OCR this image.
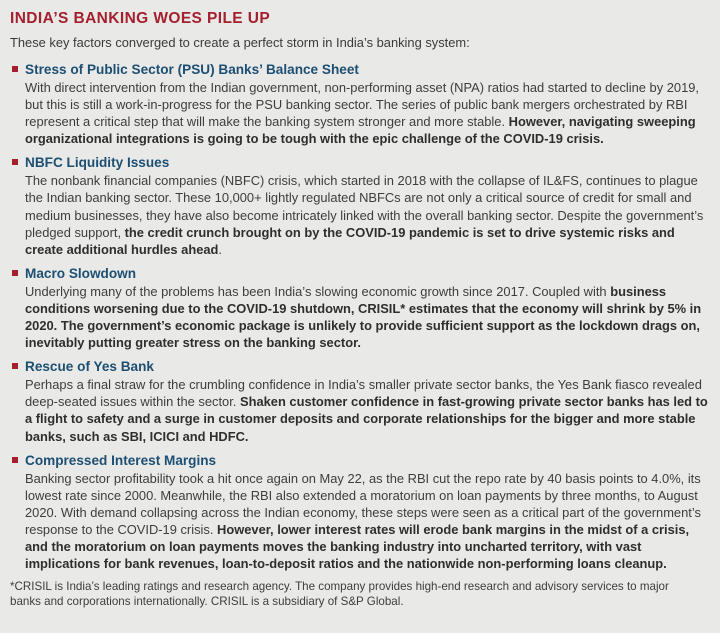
INDIA’S BANKING WOES PILE UP
These key factors converged to create a perfect storm in India’s banking system:
Stress of Public Sector (PSU) Banks’ Balance Sheet
With direct intervention from the Indian government, non-performing asset (NPA) ratios had started to decline by 2019, but this is still a work-in-progress for the PSU banking sector. The series of public bank mergers orchestrated by RBI represent a critical step that will make the banking system stronger and more stable. However, navigating sweeping organizational integrations is going to be tough with the epic challenge of the COVID-19 crisis.
NBFC Liquidity Issues
The nonbank financial companies (NBFC) crisis, which started in 2018 with the collapse of IL&FS, continues to plague the Indian banking sector. These 10,000+ lightly regulated NBFCs are not only a critical source of credit for small and medium businesses, they have also become intricately linked with the overall banking sector. Despite the government’s pledged support, the credit crunch brought on by the COVID-19 pandemic is set to drive systemic risks and create additional hurdles ahead.
Macro Slowdown
Underlying many of the problems has been India’s slowing economic growth since 2017. Coupled with business conditions worsening due to the COVID-19 shutdown, CRISIL* estimates that the economy will shrink by 5% in 2020. The government’s economic package is unlikely to provide sufficient support as the lockdown drags on, inevitably putting greater stress on the banking sector.
Rescue of Yes Bank
Perhaps a final straw for the crumbling confidence in India’s smaller private sector banks, the Yes Bank fiasco revealed deep-seated issues within the sector. Shaken customer confidence in fast-growing private sector banks has led to a flight to safety and a surge in customer deposits and corporate relationships for the bigger and more stable banks, such as SBI, ICICI and HDFC.
Compressed Interest Margins
Banking sector profitability took a hit once again on May 22, as the RBI cut the repo rate by 40 basis points to 4.0%, its lowest rate since 2000. Meanwhile, the RBI also extended a moratorium on loan payments by three months, to August 2020. With demand collapsing across the Indian economy, these steps were seen as a critical part of the government’s response to the COVID-19 crisis. However, lower interest rates will erode bank margins in the midst of a crisis, and the moratorium on loan payments moves the banking industry into uncharted territory, with vast implications for bank revenues, loan-to-deposit ratios and the nationwide non-performing loans cleanup.
*CRISIL is India’s leading ratings and research agency. The company provides high-end research and advisory services to major banks and corporations internationally. CRISIL is a subsidiary of S&P Global.
